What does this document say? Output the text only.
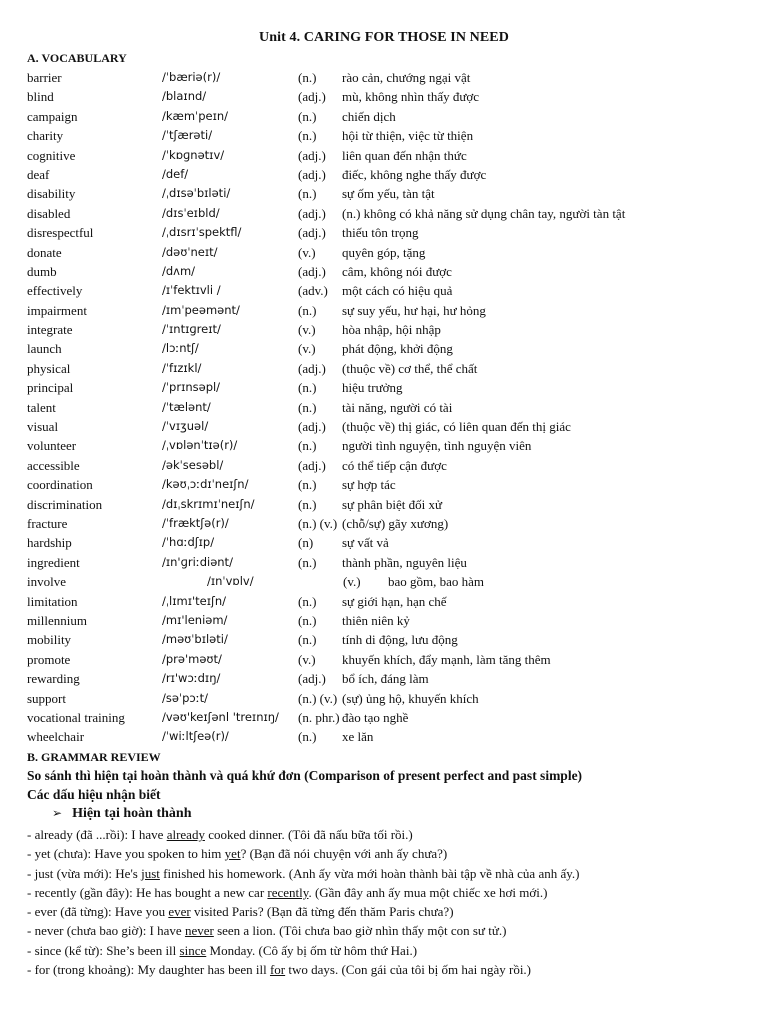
Unit 4. CARING FOR THOSE IN NEED
A. VOCABULARY
barrier	/ˈbæriə(r)/	(n.) rào cản, chướng ngại vật
blind	/blaɪnd/	(adj.) mù, không nhìn thấy được
campaign	/kæmˈpeɪn/	(n.) chiến dịch
charity	/ˈtʃærəti/	(n.) hội từ thiện, việc từ thiện
cognitive	/ˈkɒɡnətɪv/	(adj.) liên quan đến nhận thức
deaf	/def/	(adj.) điếc, không nghe thấy được
disability	/ˌdɪsəˈbɪləti/	(n.) sự ốm yếu, tàn tật
disabled	/dɪsˈeɪbld/	(adj.) (n.) không có khả năng sử dụng chân tay, người tàn tật
disrespectful	/ˌdɪsrɪˈspektfl/	(adj.) thiếu tôn trọng
donate	/dəʊˈneɪt/	(v.) quyên góp, tặng
dumb	/dʌm/	(adj.) câm, không nói được
effectively	/ɪˈfektɪvli /	(adv.) một cách có hiệu quả
impairment	/ɪmˈpeəmənt/	(n.) sự suy yếu, hư hại, hư hỏng
integrate	/ˈɪntɪɡreɪt/	(v.) hòa nhập, hội nhập
launch	/lɔːntʃ/	(v.) phát động, khởi động
physical	/ˈfɪzɪkl/	(adj.) (thuộc về) cơ thể, thể chất
principal	/ˈprɪnsəpl/	(n.) hiệu trưởng
talent	/ˈtælənt/	(n.) tài năng, người có tài
visual	/ˈvɪʒuəl/	(adj.) (thuộc về) thị giác, có liên quan đến thị giác
volunteer	/ˌvɒlənˈtɪə(r)/	(n.) người tình nguyện, tình nguyện viên
accessible	/əkˈsesəbl/	(adj.) có thể tiếp cận được
coordination	/kəʊˌɔːdɪˈneɪʃn/	(n.) sự hợp tác
discrimination	/dɪˌskrɪmɪˈneɪʃn/	(n.) sự phân biệt đối xử
fracture	/ˈfræktʃə(r)/	(n.) (v.) (chỗ/sự) gãy xương)
hardship	/ˈhɑːdʃɪp/	(n) sự vất vả
ingredient	/ɪn'ɡriːdiənt/	(n.) thành phần, nguyên liệu
involve	/ɪnˈvɒlv/	(v.) bao gồm, bao hàm
limitation	/ˌlɪmɪ'teɪʃn/	(n.) sự giới hạn, hạn chế
millennium	/mɪ'leniəm/	(n.) thiên niên kỷ
mobility	/məʊˈbɪləti/	(n.) tính di động, lưu động
promote	/prə'məʊt/	(v.) khuyến khích, đẩy mạnh, làm tăng thêm
rewarding	/rɪ'wɔːdɪŋ/	(adj.) bổ ích, đáng làm
support	/səˈpɔːt/	(n.) (v.) (sự) ủng hộ, khuyến khích
vocational training	/vəʊ'keɪʃənl 'treɪnɪŋ/ (n. phr.) đào tạo nghề
wheelchair	/ˈwiːltʃeə(r)/	(n.) xe lăn
B. GRAMMAR REVIEW
So sánh thì hiện tại hoàn thành và quá khứ đơn (Comparison of present perfect and past simple)
Các dấu hiệu nhận biết
➢ Hiện tại hoàn thành
- already (đã ...rồi): I have already cooked dinner. (Tôi đã nấu bữa tối rồi.)
- yet (chưa): Have you spoken to him yet? (Bạn đã nói chuyện với anh ấy chưa?)
- just (vừa mới): He's just finished his homework. (Anh ấy vừa mới hoàn thành bài tập về nhà của anh ấy.)
- recently (gần đây): He has bought a new car recently. (Gần đây anh ấy mua một chiếc xe hơi mới.)
- ever (đã từng): Have you ever visited Paris? (Bạn đã từng đến thăm Paris chưa?)
- never (chưa bao giờ): I have never seen a lion. (Tôi chưa bao giờ nhìn thấy một con sư tử.)
- since (kể từ): She’s been ill since Monday. (Cô ấy bị ốm từ hôm thứ Hai.)
- for (trong khoảng): My daughter has been ill for two days. (Con gái của tôi bị ốm hai ngày rồi.)
